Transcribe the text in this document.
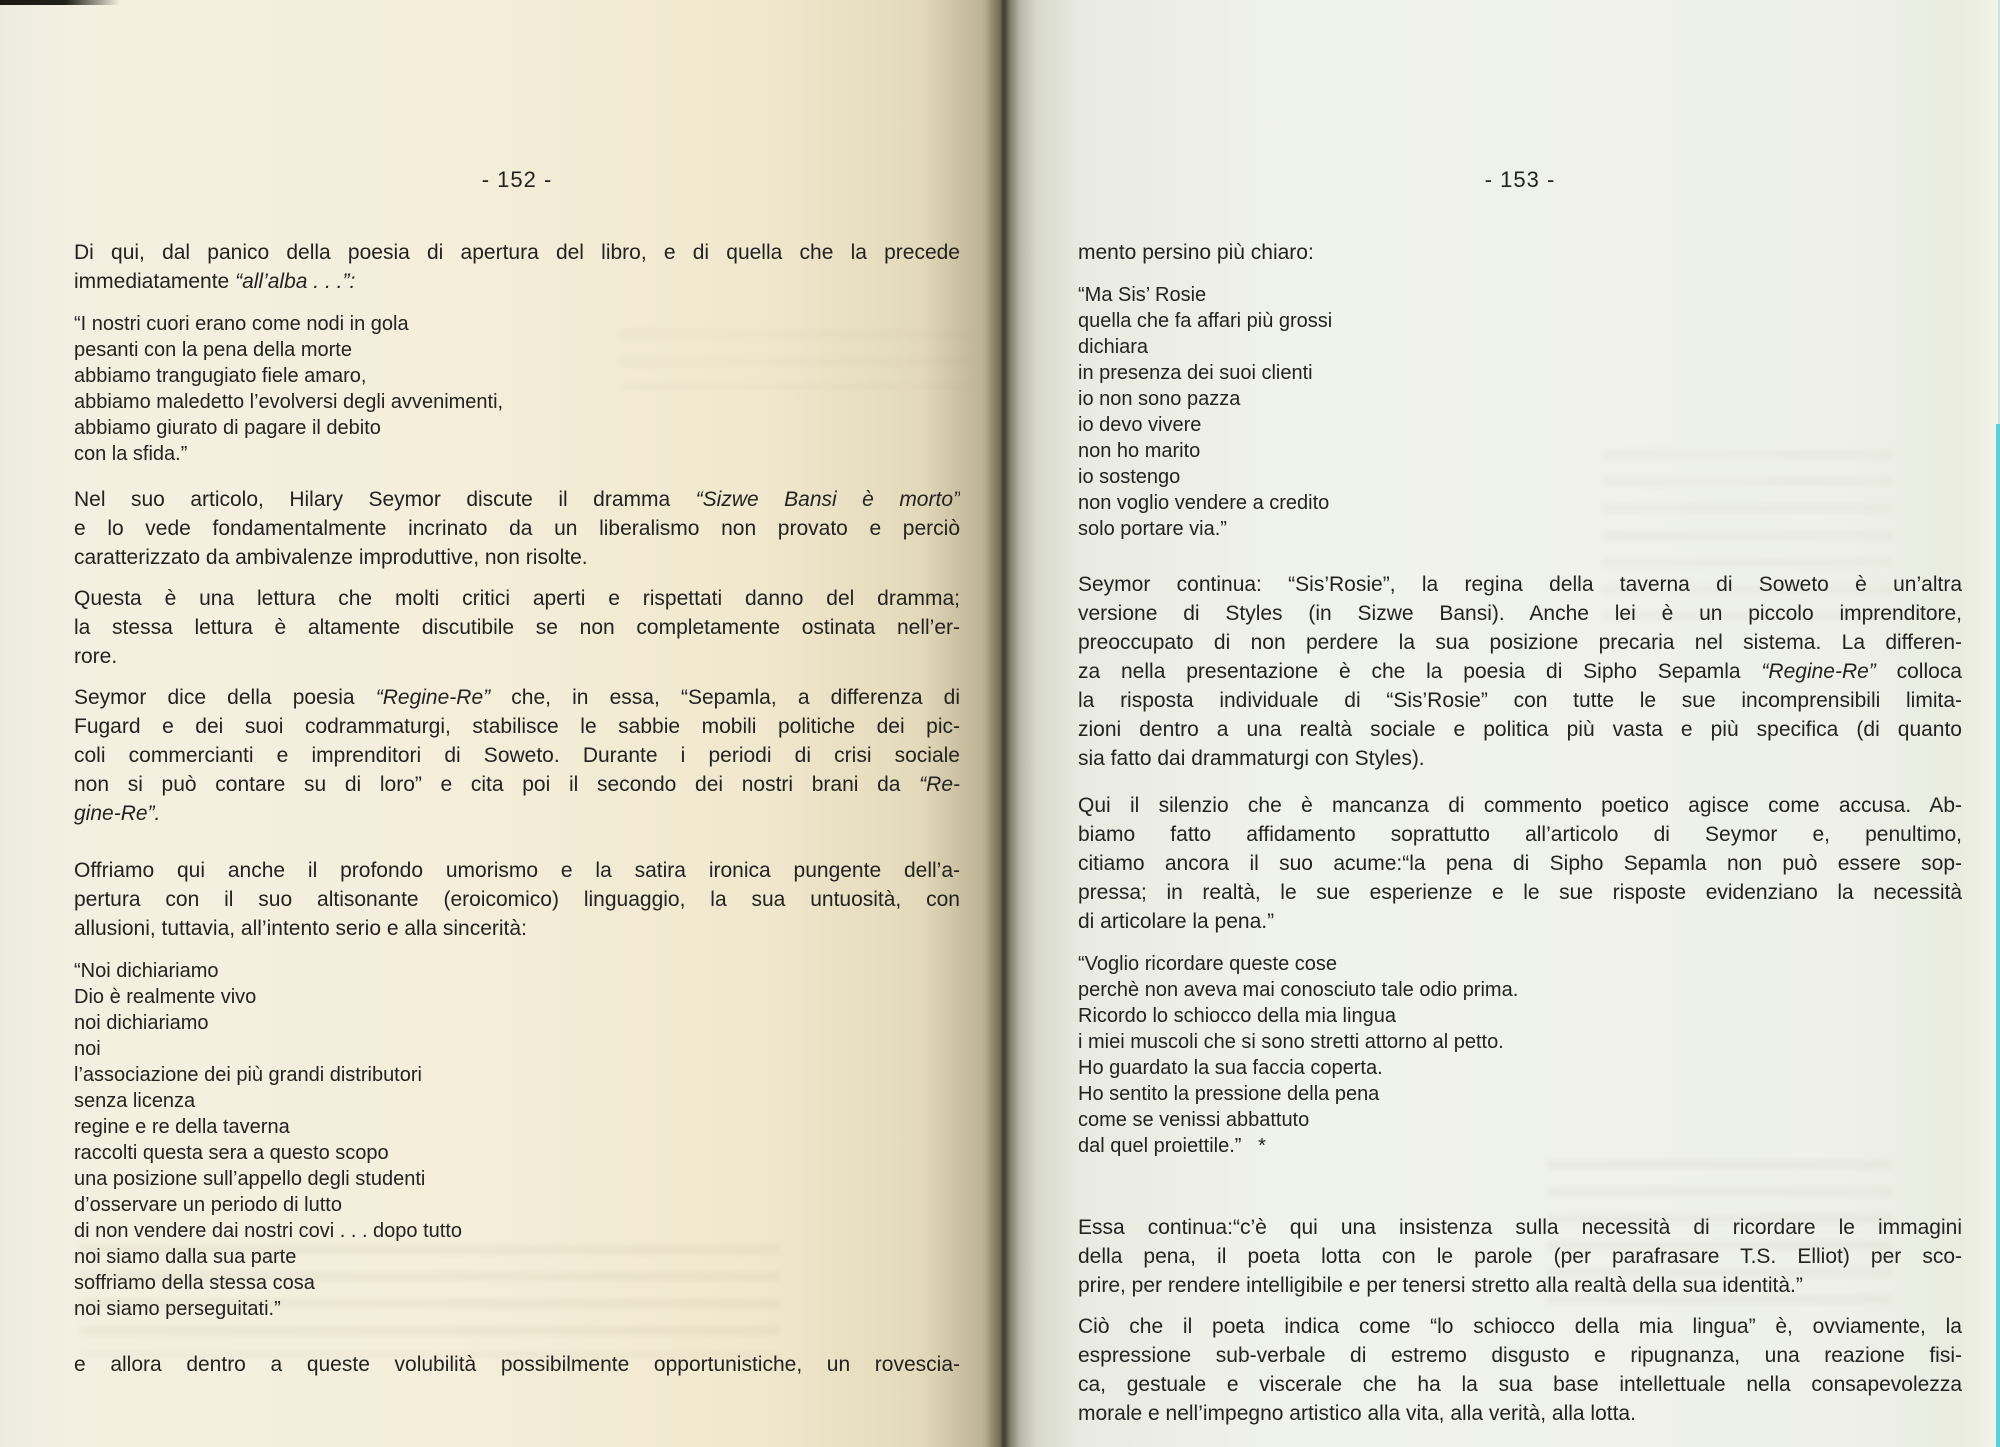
- 152 -
Di qui, dal panico della poesia di apertura del libro, e di quella che la precede
immediatamente “all’alba . . .”:
“I nostri cuori erano come nodi in gola
pesanti con la pena della morte
abbiamo trangugiato fiele amaro,
abbiamo maledetto l’evolversi degli avvenimenti,
abbiamo giurato di pagare il debito
con la sfida.”
Nel suo articolo, Hilary Seymor discute il dramma “Sizwe Bansi è morto”
e lo vede fondamentalmente incrinato da un liberalismo non provato e perciò
caratterizzato da ambivalenze improduttive, non risolte.
Questa è una lettura che molti critici aperti e rispettati danno del dramma;
la stessa lettura è altamente discutibile se non completamente ostinata nell’er-
rore.
Seymor dice della poesia “Regine-Re” che, in essa, “Sepamla, a differenza di
Fugard e dei suoi codrammaturgi, stabilisce le sabbie mobili politiche dei pic-
coli commercianti e imprenditori di Soweto. Durante i periodi di crisi sociale
non si può contare su di loro” e cita poi il secondo dei nostri brani da “Re-
gine-Re”.
Offriamo qui anche il profondo umorismo e la satira ironica pungente dell’a-
pertura con il suo altisonante (eroicomico) linguaggio, la sua untuosità, con
allusioni, tuttavia, all’intento serio e alla sincerità:
“Noi dichiariamo
Dio è realmente vivo
noi dichiariamo
noi
l’associazione dei più grandi distributori
senza licenza
regine e re della taverna
raccolti questa sera a questo scopo
una posizione sull’appello degli studenti
d’osservare un periodo di lutto
di non vendere dai nostri covi . . . dopo tutto
noi siamo dalla sua parte
soffriamo della stessa cosa
noi siamo perseguitati.”
e allora dentro a queste volubilità possibilmente opportunistiche, un rovescia-
- 153 -
mento persino più chiaro:
“Ma Sis’ Rosie
quella che fa affari più grossi
dichiara
in presenza dei suoi clienti
io non sono pazza
io devo vivere
non ho marito
io sostengo
non voglio vendere a credito
solo portare via.”
Seymor continua: “Sis’Rosie”, la regina della taverna di Soweto è un’altra
versione di Styles (in Sizwe Bansi). Anche lei è un piccolo imprenditore,
preoccupato di non perdere la sua posizione precaria nel sistema. La differen-
za nella presentazione è che la poesia di Sipho Sepamla “Regine-Re” colloca
la risposta individuale di “Sis’Rosie” con tutte le sue incomprensibili limita-
zioni dentro a una realtà sociale e politica più vasta e più specifica (di quanto
sia fatto dai drammaturgi con Styles).
Qui il silenzio che è mancanza di commento poetico agisce come accusa. Ab-
biamo fatto affidamento soprattutto all’articolo di Seymor e, penultimo,
citiamo ancora il suo acume:“la pena di Sipho Sepamla non può essere sop-
pressa; in realtà, le sue esperienze e le sue risposte evidenziano la necessità
di articolare la pena.”
“Voglio ricordare queste cose
perchè non aveva mai conosciuto tale odio prima.
Ricordo lo schiocco della mia lingua
i miei muscoli che si sono stretti attorno al petto.
Ho guardato la sua faccia coperta.
Ho sentito la pressione della pena
come se venissi abbattuto
dal quel proiettile.”   *
Essa continua:“c’è qui una insistenza sulla necessità di ricordare le immagini
della pena, il poeta lotta con le parole (per parafrasare T.S. Elliot) per sco-
prire, per rendere intelligibile e per tenersi stretto alla realtà della sua identità.”
Ciò che il poeta indica come “lo schiocco della mia lingua” è, ovviamente, la
espressione sub-verbale di estremo disgusto e ripugnanza, una reazione fisi-
ca, gestuale e viscerale che ha la sua base intellettuale nella consapevolezza
morale e nell’impegno artistico alla vita, alla verità, alla lotta.
